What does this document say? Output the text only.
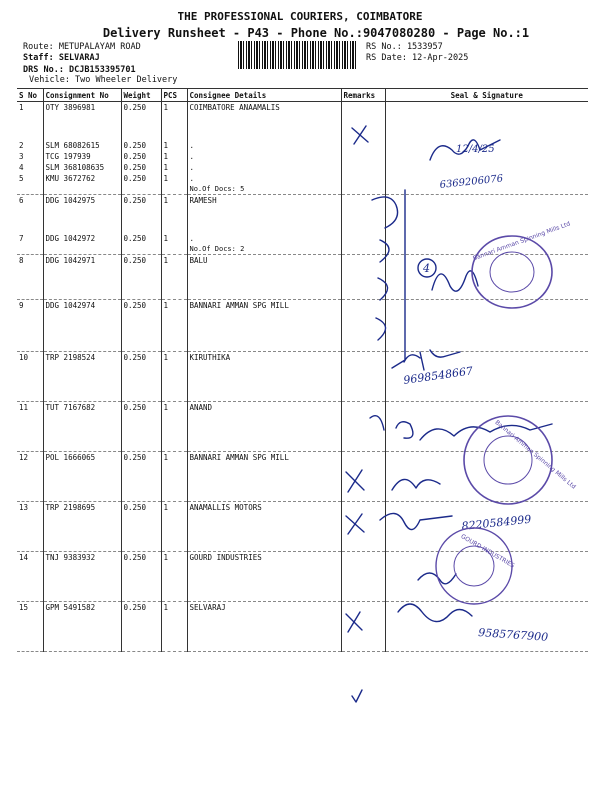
THE PROFESSIONAL COURIERS, COIMBATORE
Delivery Runsheet - P43 - Phone No.:9047080280 - Page No.:1
Route: METUPALAYAM ROAD
Staff: SELVARAJ
DRS No.: DCJB153395701
Vehicle: Two Wheeler Delivery
RS No.: 1533957
RS Date: 12-Apr-2025
S No	Consignment No	Weight	PCS	Consignee Details	Remarks	Seal & Signature
1	OTY 3896981	0.250	1	COIMBATORE ANAAMALIS		
2	SLM 68082615	0.250	1	.		
3	TCG 197939	0.250	1	.		
4	SLM 368108635	0.250	1	.		
5	KMU 3672762	0.250	1	.		
				No.Of Docs: 5		
6	DDG 1042975	0.250	1	RAMESH		
7	DDG 1042972	0.250	1	.		
				No.Of Docs: 2		
8	DDG 1042971	0.250	1	BALU		
9	DDG 1042974	0.250	1	BANNARI AMMAN SPG MILL		
10	TRP 2198524	0.250	1	KIRUTHIKA		
11	TUT 7167682	0.250	1	ANAND		
12	POL 1666065	0.250	1	BANNARI AMMAN SPG MILL		
13	TRP 2198695	0.250	1	ANAMALLIS MOTORS		
14	TNJ 9383932	0.250	1	GOURD INDUSTRIES		
15	GPM 5491582	0.250	1	SELVARAJ		
12/4/25
6369206076
4
9698548667
8220584999
9585767900
Bannari Amman Spinning Mills Ltd
Bannari Amman Spinning Mills Ltd
GOURD INDUSTRIES
